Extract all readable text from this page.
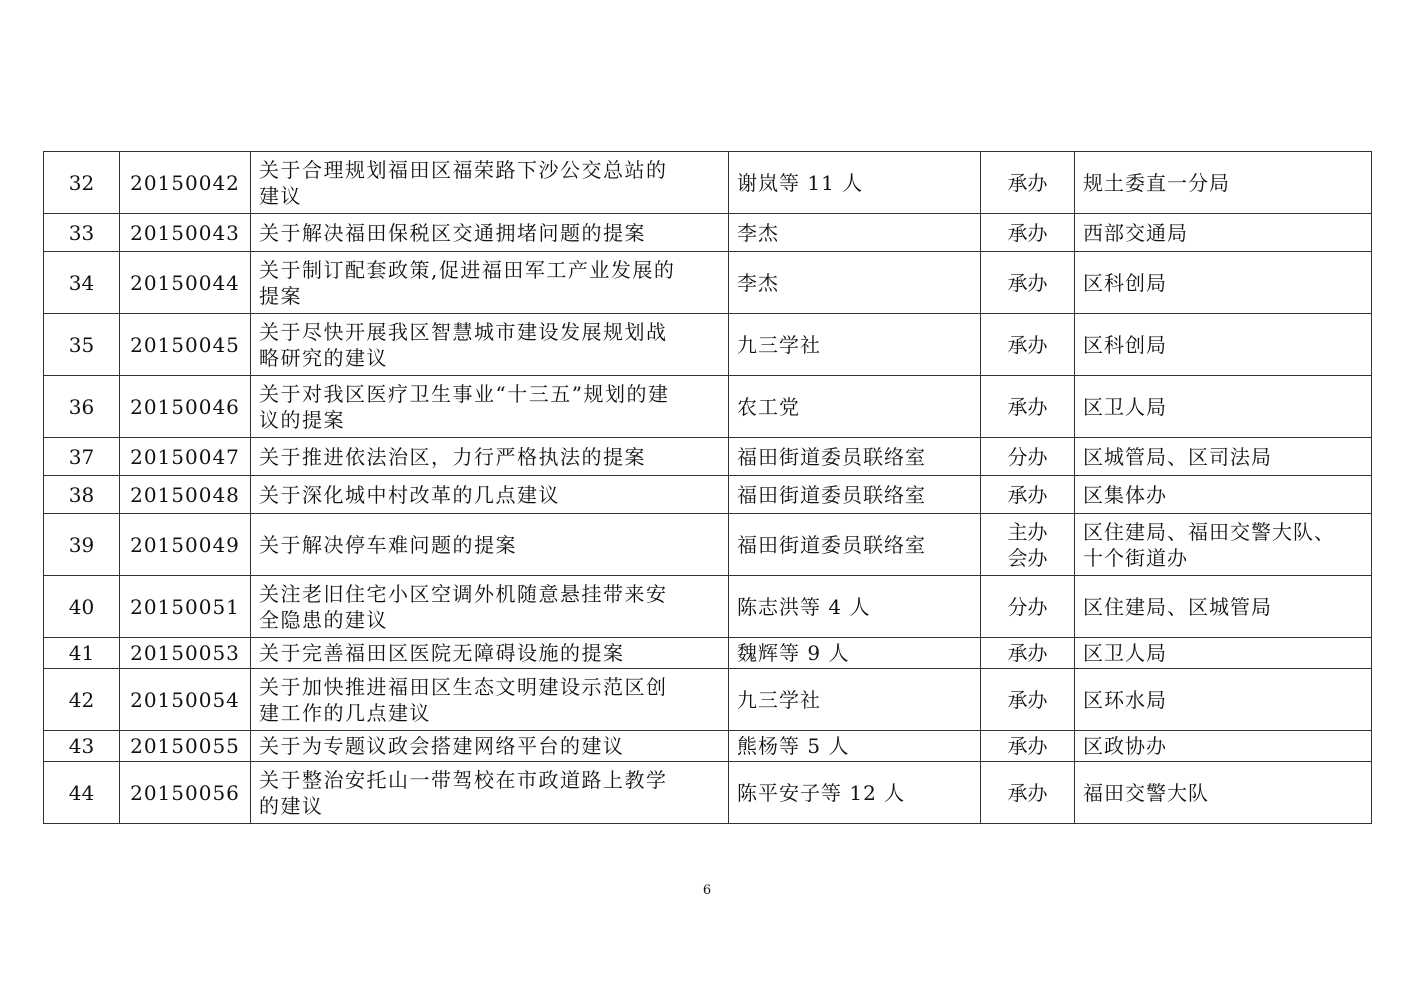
32	20150042	关于合理规划福田区福荣路下沙公交总站的
建议	谢岚等 11 人	承办	规土委直一分局

33	20150043	关于解决福田保税区交通拥堵问题的提案	李杰	承办	西部交通局

34	20150044	关于制订配套政策,促进福田军工产业发展的
提案	李杰	承办	区科创局

35	20150045	关于尽快开展我区智慧城市建设发展规划战
略研究的建议	九三学社	承办	区科创局

36	20150046	关于对我区医疗卫生事业“十三五”规划的建
议的提案	农工党	承办	区卫人局

37	20150047	关于推进依法治区，力行严格执法的提案	福田街道委员联络室	分办	区城管局、区司法局

38	20150048	关于深化城中村改革的几点建议	福田街道委员联络室	承办	区集体办

39	20150049	关于解决停车难问题的提案	福田街道委员联络室	主办
会办	区住建局、福田交警大队、
十个街道办

40	20150051	关注老旧住宅小区空调外机随意悬挂带来安
全隐患的建议	陈志洪等 4 人	分办	区住建局、区城管局

41	20150053	关于完善福田区医院无障碍设施的提案	魏辉等 9 人	承办	区卫人局

42	20150054	关于加快推进福田区生态文明建设示范区创
建工作的几点建议	九三学社	承办	区环水局

43	20150055	关于为专题议政会搭建网络平台的建议	熊杨等 5 人	承办	区政协办

44	20150056	关于整治安托山一带驾校在市政道路上教学
的建议	陈平安子等 12 人	承办	福田交警大队
6
